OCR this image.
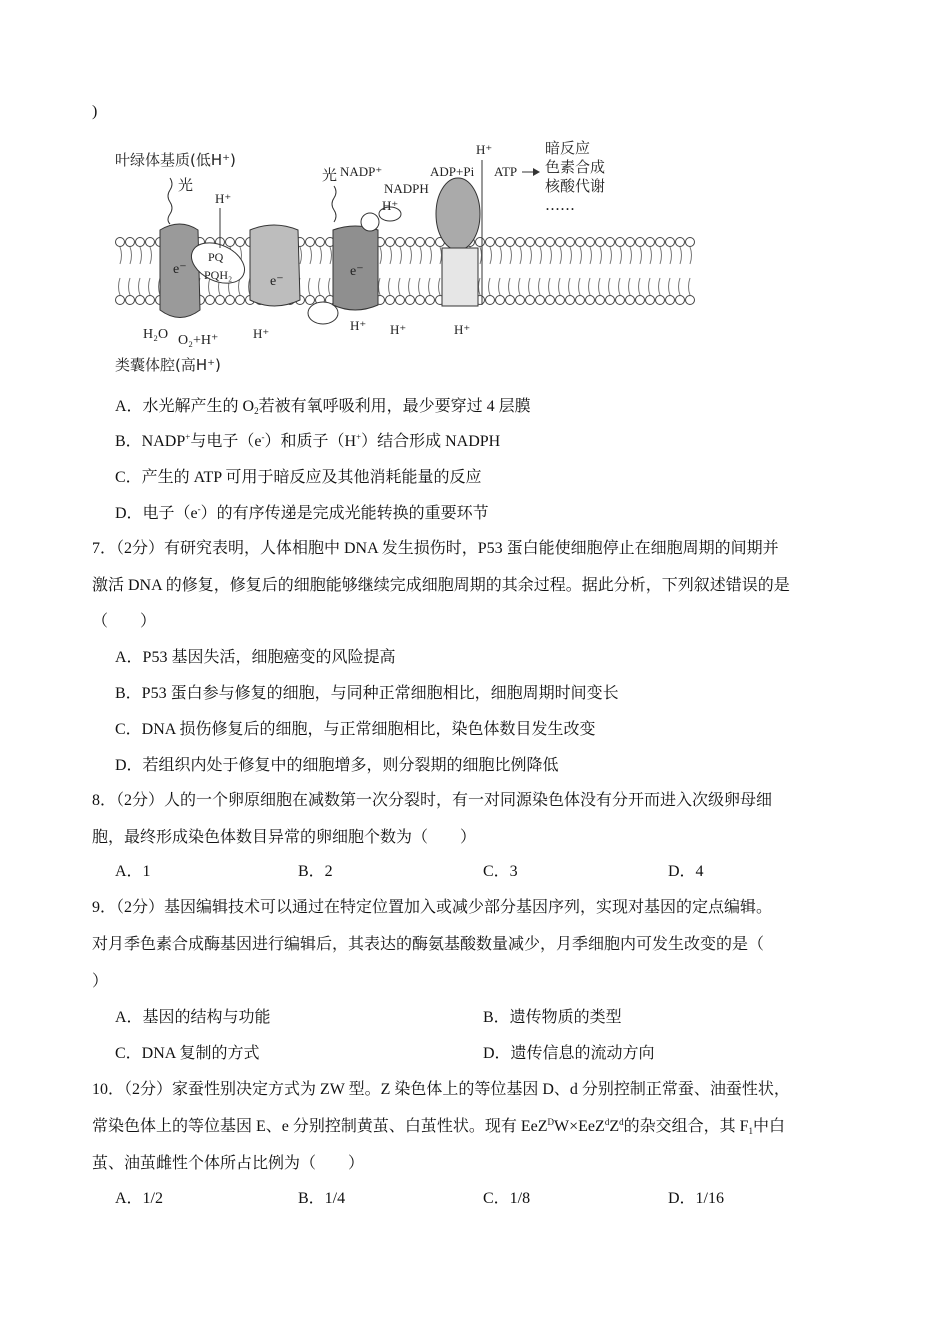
)
e⁻
PQ
PQH₂	e⁻
e⁻
叶绿体基质(低H⁺)
类囊体腔(高H⁺)
光
光
H⁺
H₂O O₂+H⁺	H⁺
H⁺ H⁺	H⁺
H⁺
H⁺
NADP⁺
NADPH
ADP+Pi ATP
暗反应
色素合成
核酸代谢
……
A．水光解产生的 $O_2$若被有氧呼吸利用，最少要穿过 4 层膜
B．NADP+与电子（e-）和质子（H+）结合形成 NADPH
C．产生的 ATP 可用于暗反应及其他消耗能量的反应
D．电子（e-）的有序传递是完成光能转换的重要环节
7．（2分）有研究表明，人体相胞中 DNA 发生损伤时，P53 蛋白能使细胞停止在细胞周期的间期并
激活 DNA 的修复，修复后的细胞能够继续完成细胞周期的其余过程。据此分析，下列叙述错误的是
（　　）
A．P53 基因失活，细胞癌变的风险提高
B．P53 蛋白参与修复的细胞，与同种正常细胞相比，细胞周期时间变长
C．DNA 损伤修复后的细胞，与正常细胞相比，染色体数目发生改变
D．若组织内处于修复中的细胞增多，则分裂期的细胞比例降低
8．（2分）人的一个卵原细胞在减数第一次分裂时，有一对同源染色体没有分开而进入次级卵母细
胞，最终形成染色体数目异常的卵细胞个数为（　　）
A．1	B．2	C．3	D．4
9．（2分）基因编辑技术可以通过在特定位置加入或减少部分基因序列，实现对基因的定点编辑。
对月季色素合成酶基因进行编辑后，其表达的酶氨基酸数量减少，月季细胞内可发生改变的是（
）
A．基因的结构与功能	B．遗传物质的类型
C．DNA 复制的方式	D．遗传信息的流动方向
10．（2分）家蚕性别决定方式为 ZW 型。Z 染色体上的等位基因 D、d 分别控制正常蚕、油蚕性状，
常染色体上的等位基因 E、e 分别控制黄茧、白茧性状。现有 $EeZ^DW\times EeZ^dZ^d$的杂交组合，其 $F_1$中白
茧、油茧雌性个体所占比例为（　　）
A．1/2	B．1/4	C．1/8	D．1/16
